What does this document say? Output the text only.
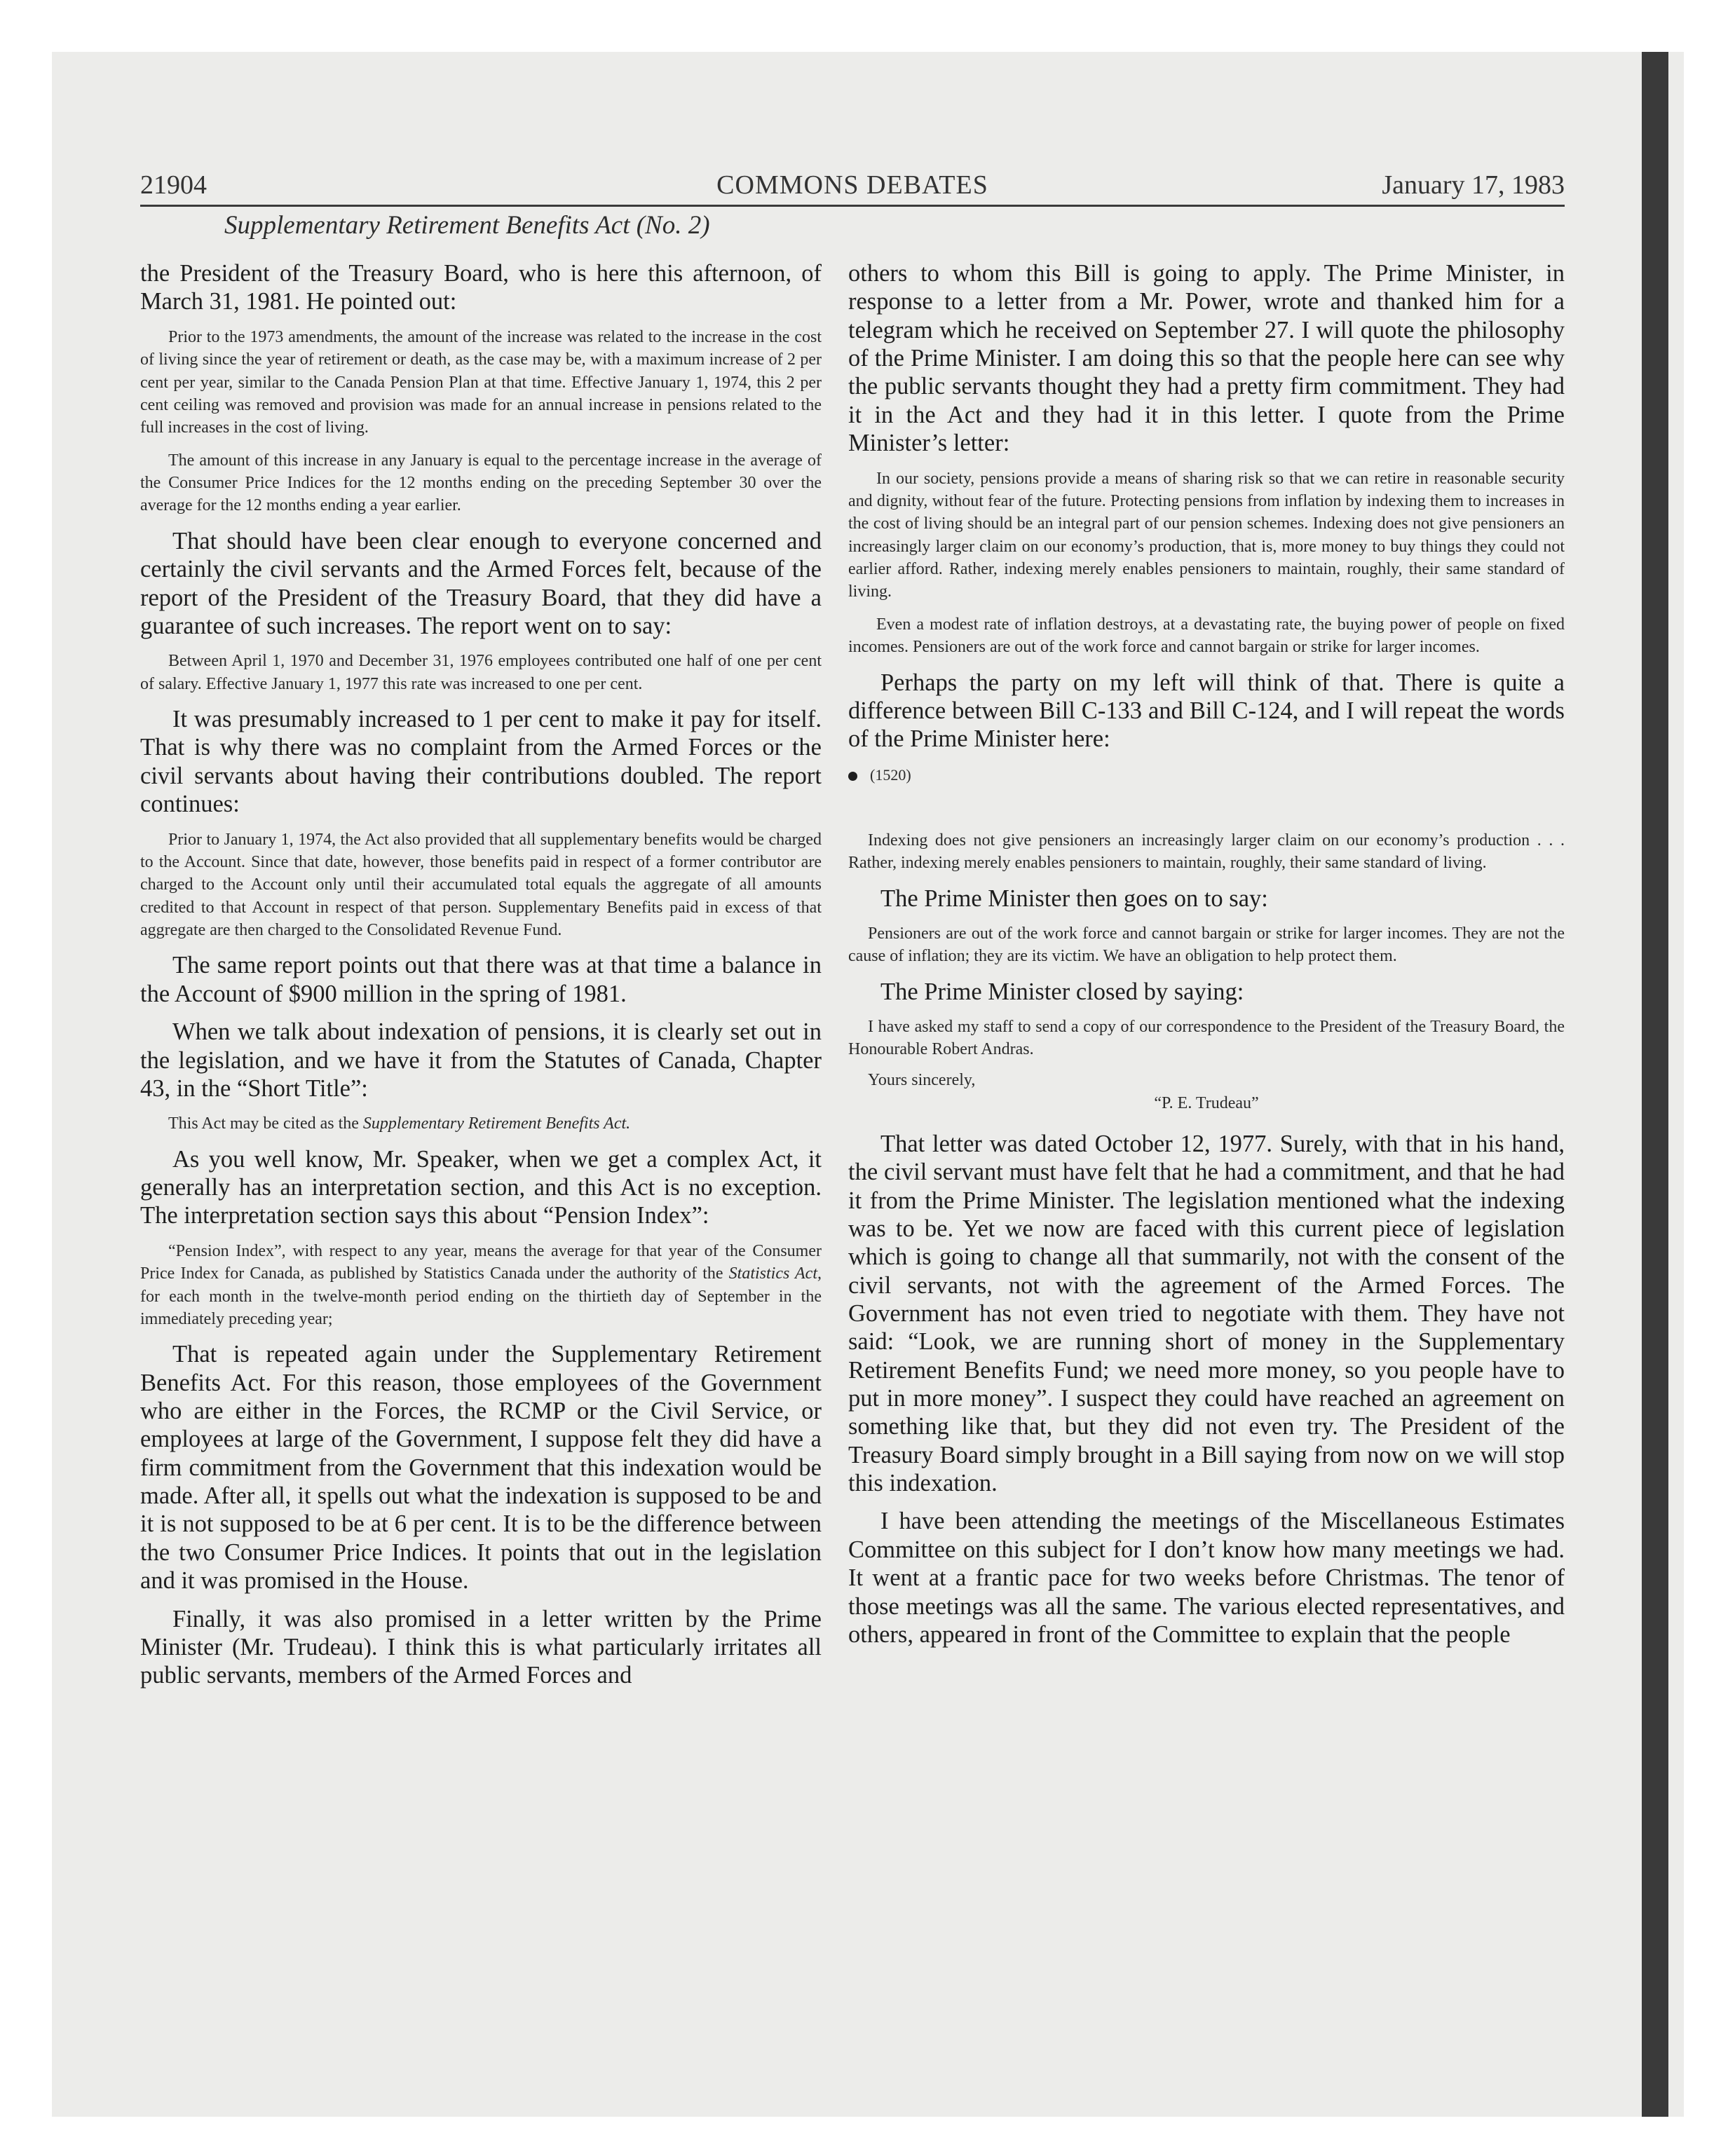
21904	COMMONS DEBATES	January 17, 1983
Supplementary Retirement Benefits Act (No. 2)

the President of the Treasury Board, who is here this afternoon, of March 31, 1981. He pointed out:

Prior to the 1973 amendments, the amount of the increase was related to the increase in the cost of living since the year of retirement or death, as the case may be, with a maximum increase of 2 per cent per year, similar to the Canada Pension Plan at that time. Effective January 1, 1974, this 2 per cent ceiling was removed and provision was made for an annual increase in pensions related to the full increases in the cost of living.

The amount of this increase in any January is equal to the percentage increase in the average of the Consumer Price Indices for the 12 months ending on the preceding September 30 over the average for the 12 months ending a year earlier.

That should have been clear enough to everyone concerned and certainly the civil servants and the Armed Forces felt, because of the report of the President of the Treasury Board, that they did have a guarantee of such increases. The report went on to say:

Between April 1, 1970 and December 31, 1976 employees contributed one half of one per cent of salary. Effective January 1, 1977 this rate was increased to one per cent.

It was presumably increased to 1 per cent to make it pay for itself. That is why there was no complaint from the Armed Forces or the civil servants about having their contributions doubled. The report continues:

Prior to January 1, 1974, the Act also provided that all supplementary benefits would be charged to the Account. Since that date, however, those benefits paid in respect of a former contributor are charged to the Account only until their accumulated total equals the aggregate of all amounts credited to that Account in respect of that person. Supplementary Benefits paid in excess of that aggregate are then charged to the Consolidated Revenue Fund.

The same report points out that there was at that time a balance in the Account of $900 million in the spring of 1981.

When we talk about indexation of pensions, it is clearly set out in the legislation, and we have it from the Statutes of Canada, Chapter 43, in the “Short Title”:

This Act may be cited as the Supplementary Retirement Benefits Act.

As you well know, Mr. Speaker, when we get a complex Act, it generally has an interpretation section, and this Act is no exception. The interpretation section says this about “Pension Index”:

“Pension Index”, with respect to any year, means the average for that year of the Consumer Price Index for Canada, as published by Statistics Canada under the authority of the Statistics Act, for each month in the twelve-month period ending on the thirtieth day of September in the immediately preceding year;

That is repeated again under the Supplementary Retirement Benefits Act. For this reason, those employees of the Government who are either in the Forces, the RCMP or the Civil Service, or employees at large of the Government, I suppose felt they did have a firm commitment from the Government that this indexation would be made. After all, it spells out what the indexation is supposed to be and it is not supposed to be at 6 per cent. It is to be the difference between the two Consumer Price Indices. It points that out in the legislation and it was promised in the House.

Finally, it was also promised in a letter written by the Prime Minister (Mr. Trudeau). I think this is what particularly irritates all public servants, members of the Armed Forces and

others to whom this Bill is going to apply. The Prime Minister, in response to a letter from a Mr. Power, wrote and thanked him for a telegram which he received on September 27. I will quote the philosophy of the Prime Minister. I am doing this so that the people here can see why the public servants thought they had a pretty firm commitment. They had it in the Act and they had it in this letter. I quote from the Prime Minister’s letter:

In our society, pensions provide a means of sharing risk so that we can retire in reasonable security and dignity, without fear of the future. Protecting pensions from inflation by indexing them to increases in the cost of living should be an integral part of our pension schemes. Indexing does not give pensioners an increasingly larger claim on our economy’s production, that is, more money to buy things they could not earlier afford. Rather, indexing merely enables pensioners to maintain, roughly, their same standard of living.

Even a modest rate of inflation destroys, at a devastating rate, the buying power of people on fixed incomes. Pensioners are out of the work force and cannot bargain or strike for larger incomes.

Perhaps the party on my left will think of that. There is quite a difference between Bill C-133 and Bill C-124, and I will repeat the words of the Prime Minister here:

(1520)

Indexing does not give pensioners an increasingly larger claim on our economy’s production . . . Rather, indexing merely enables pensioners to maintain, roughly, their same standard of living.

The Prime Minister then goes on to say:

Pensioners are out of the work force and cannot bargain or strike for larger incomes. They are not the cause of inflation; they are its victim. We have an obligation to help protect them.

The Prime Minister closed by saying:

I have asked my staff to send a copy of our correspondence to the President of the Treasury Board, the Honourable Robert Andras.

Yours sincerely,
“P. E. Trudeau”

That letter was dated October 12, 1977. Surely, with that in his hand, the civil servant must have felt that he had a commitment, and that he had it from the Prime Minister. The legislation mentioned what the indexing was to be. Yet we now are faced with this current piece of legislation which is going to change all that summarily, not with the consent of the civil servants, not with the agreement of the Armed Forces. The Government has not even tried to negotiate with them. They have not said: “Look, we are running short of money in the Supplementary Retirement Benefits Fund; we need more money, so you people have to put in more money”. I suspect they could have reached an agreement on something like that, but they did not even try. The President of the Treasury Board simply brought in a Bill saying from now on we will stop this indexation.

I have been attending the meetings of the Miscellaneous Estimates Committee on this subject for I don’t know how many meetings we had. It went at a frantic pace for two weeks before Christmas. The tenor of those meetings was all the same. The various elected representatives, and others, appeared in front of the Committee to explain that the people
